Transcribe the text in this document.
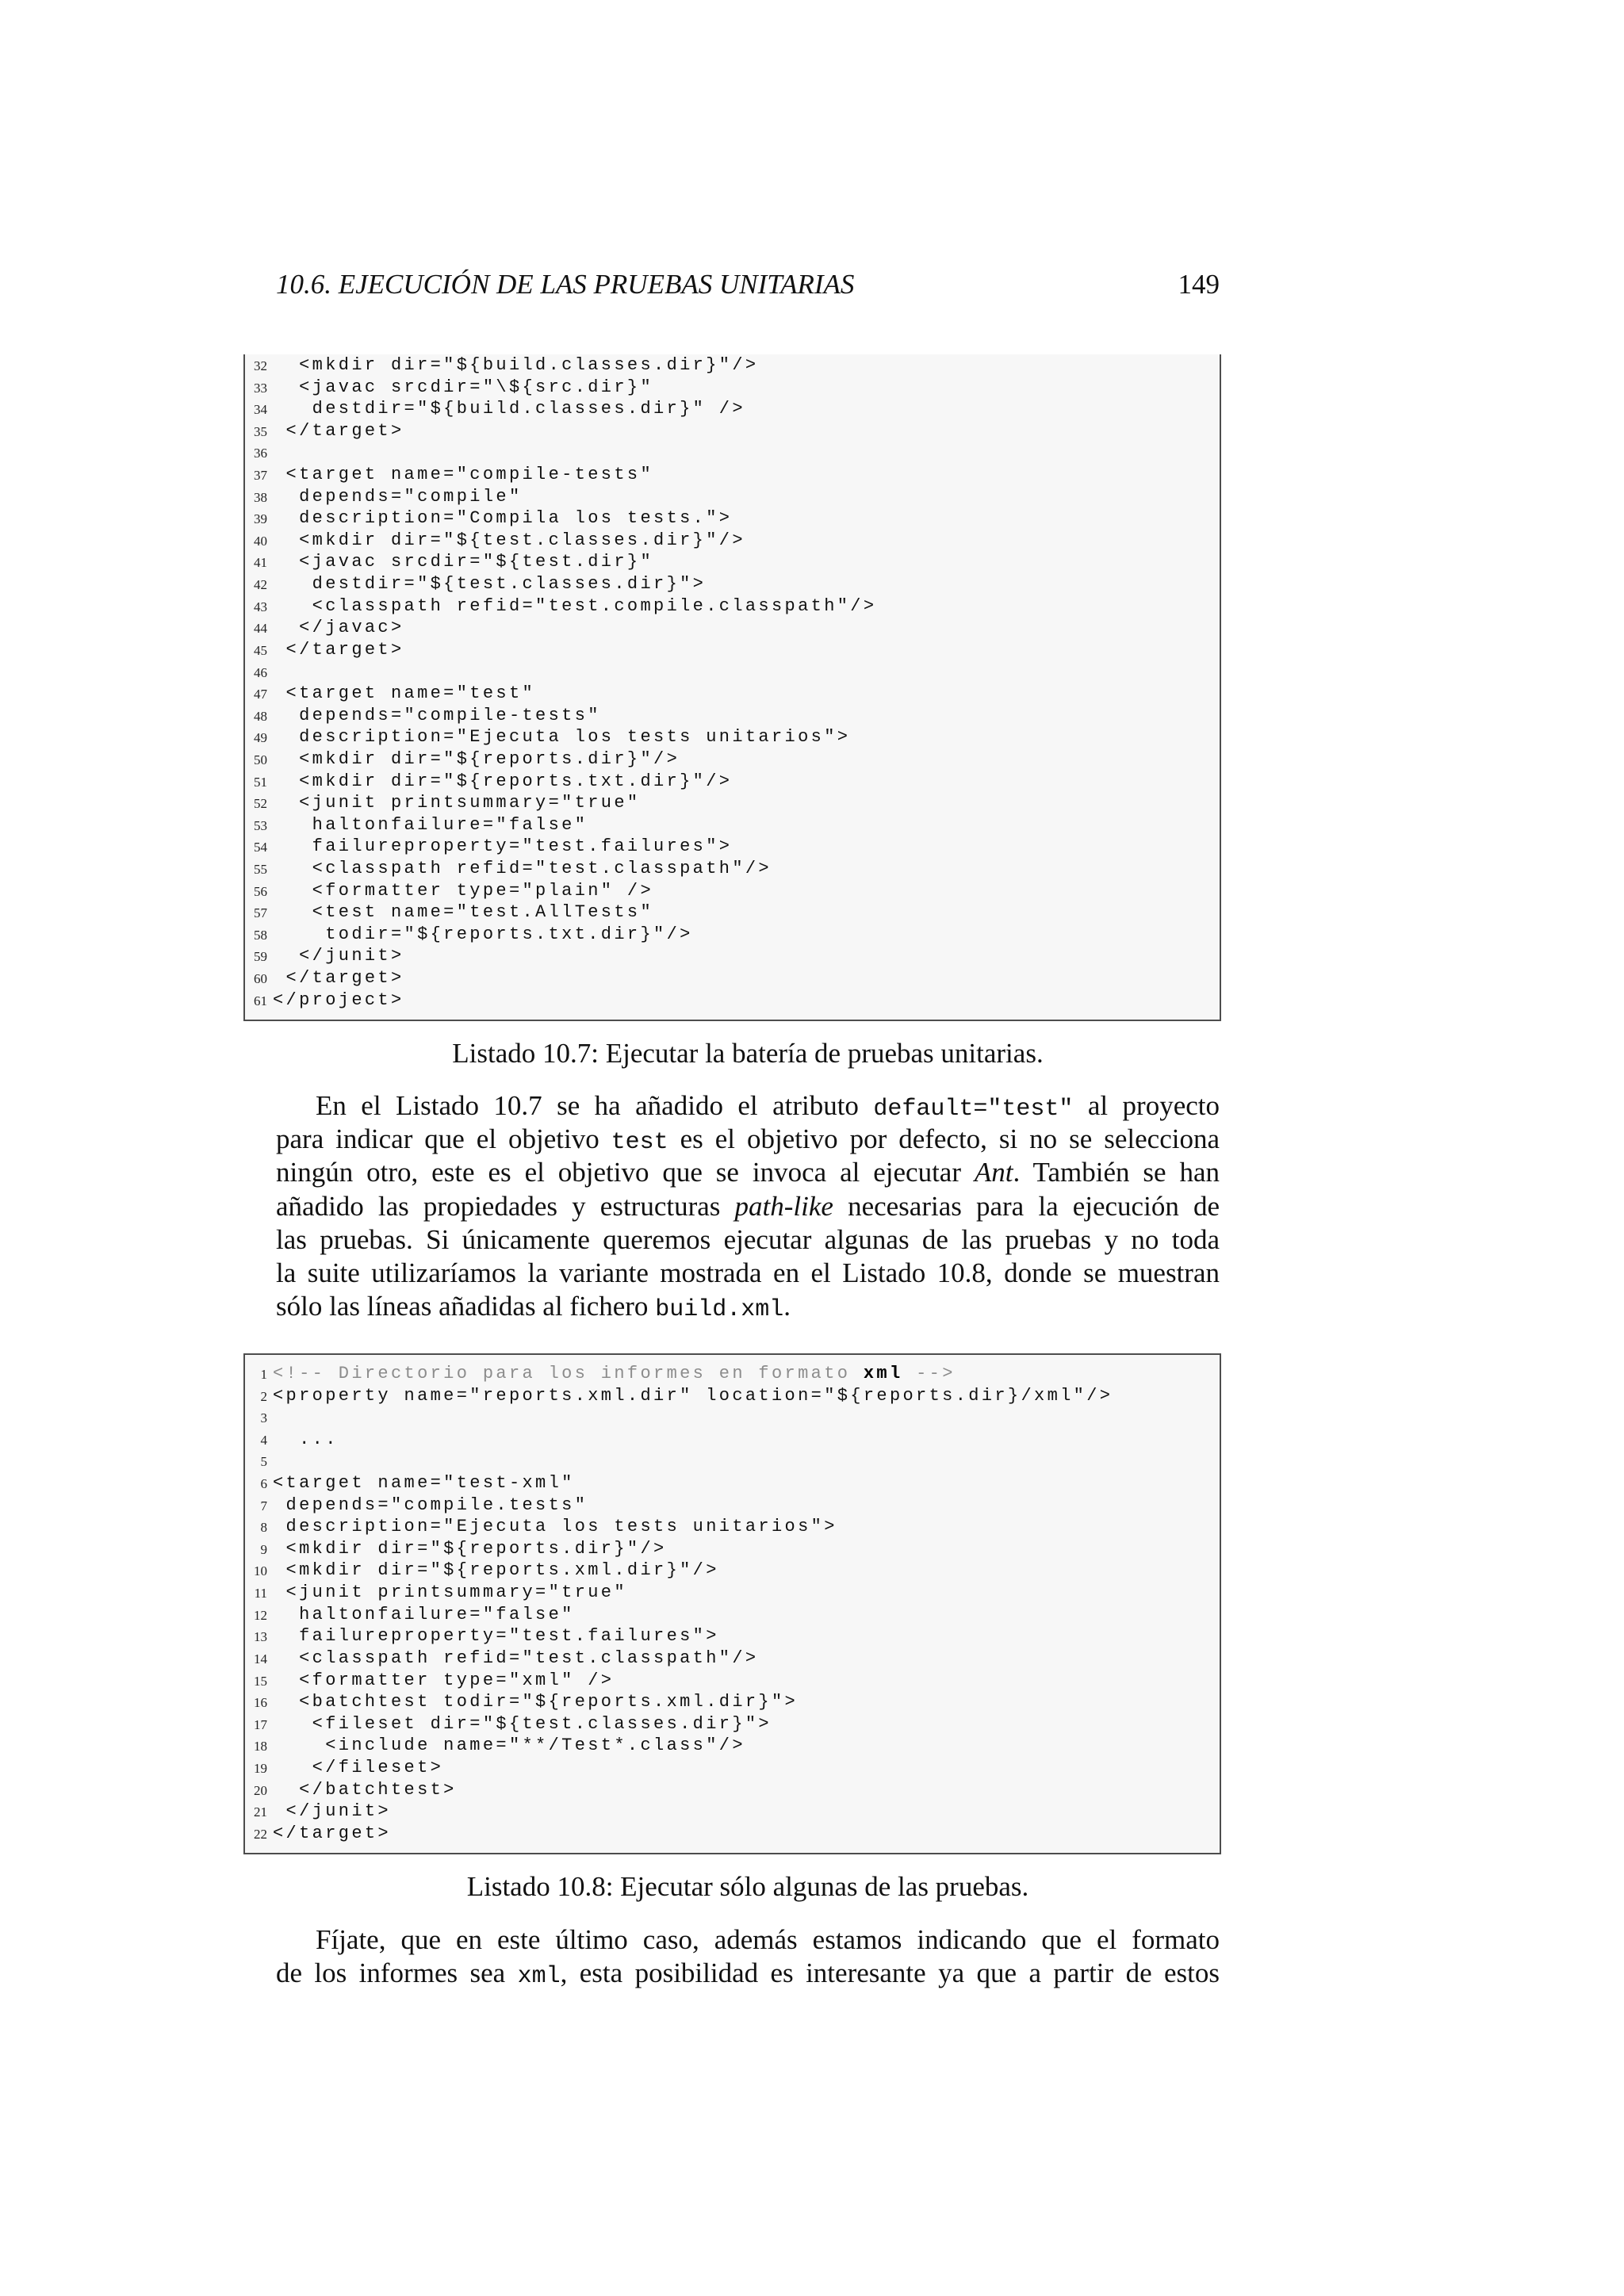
10.6. EJECUCIÓN DE LAS PRUEBAS UNITARIAS	149
32 <mkdir dir="${build.classes.dir}"/>
33 <javac srcdir="\${src.dir}"
34 destdir="${build.classes.dir}" />
35 </target>
36
37 <target name="compile-tests"
38 depends="compile"
39 description="Compila los tests.">
40 <mkdir dir="${test.classes.dir}"/>
41 <javac srcdir="${test.dir}"
42 destdir="${test.classes.dir}">
43 <classpath refid="test.compile.classpath"/>
44 </javac>
45 </target>
46
47 <target name="test"
48 depends="compile-tests"
49 description="Ejecuta los tests unitarios">
50 <mkdir dir="${reports.dir}"/>
51 <mkdir dir="${reports.txt.dir}"/>
52 <junit printsummary="true"
53 haltonfailure="false"
54 failureproperty="test.failures">
55 <classpath refid="test.classpath"/>
56 <formatter type="plain" />
57 <test name="test.AllTests"
58 todir="${reports.txt.dir}"/>
59 </junit>
60 </target>
61 </project>
Listado 10.7: Ejecutar la batería de pruebas unitarias.
En el Listado 10.7 se ha añadido el atributo default="test" al proyecto
para indicar que el objetivo test es el objetivo por defecto, si no se selecciona
ningún otro, este es el objetivo que se invoca al ejecutar Ant. También se han
añadido las propiedades y estructuras path-like necesarias para la ejecución de
las pruebas. Si únicamente queremos ejecutar algunas de las pruebas y no toda
la suite utilizaríamos la variante mostrada en el Listado 10.8, donde se muestran
sólo las líneas añadidas al fichero build.xml.
1 <!-- Directorio para los informes en formato xml -->
2 <property name="reports.xml.dir" location="${reports.dir}/xml"/>
3
4 ...
5
6 <target name="test-xml"
7 depends="compile.tests"
8 description="Ejecuta los tests unitarios">
9 <mkdir dir="${reports.dir}"/>
10 <mkdir dir="${reports.xml.dir}"/>
11 <junit printsummary="true"
12 haltonfailure="false"
13 failureproperty="test.failures">
14 <classpath refid="test.classpath"/>
15 <formatter type="xml" />
16 <batchtest todir="${reports.xml.dir}">
17 <fileset dir="${test.classes.dir}">
18 <include name="**/Test*.class"/>
19 </fileset>
20 </batchtest>
21 </junit>
22 </target>
Listado 10.8: Ejecutar sólo algunas de las pruebas.
Fíjate, que en este último caso, además estamos indicando que el formato
de los informes sea xml, esta posibilidad es interesante ya que a partir de estos
